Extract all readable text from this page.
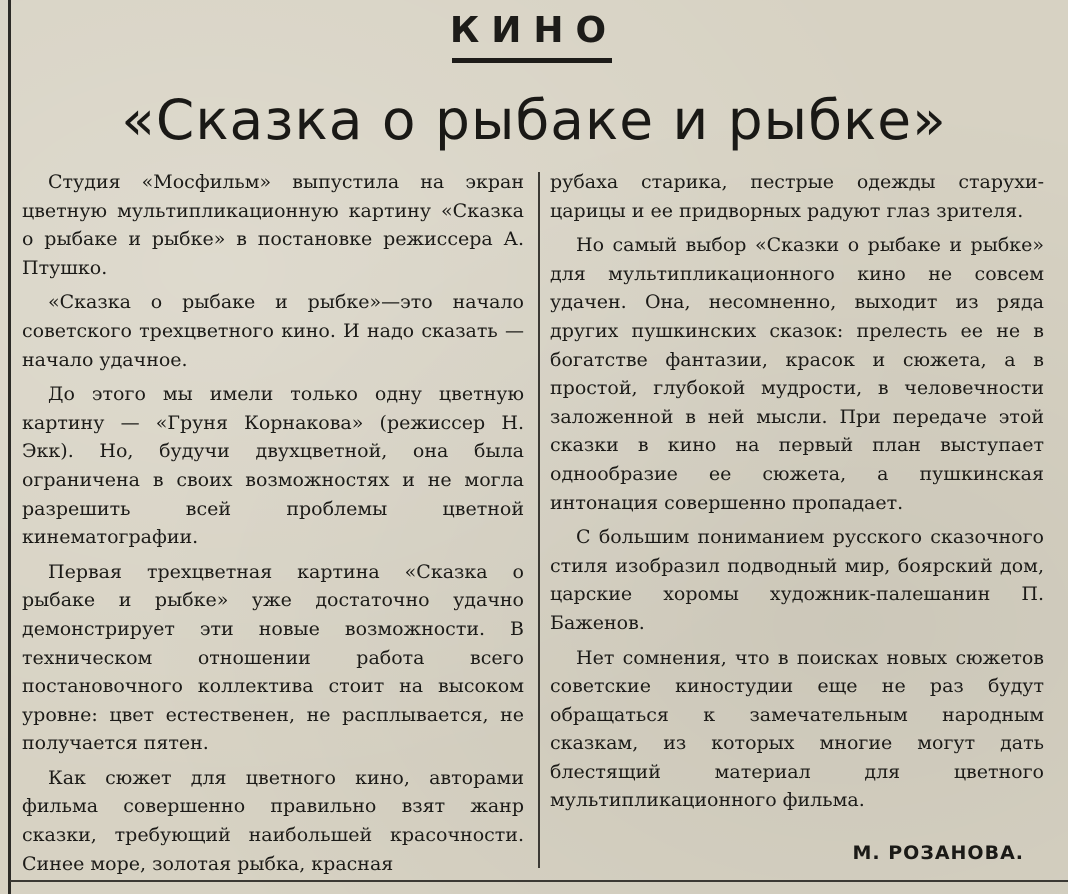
КИНО
«Сказка о рыбаке и рыбке»

Студия «Мосфильм» выпустила на экран цветную мультипликационную картину «Сказка о рыбаке и рыбке» в постановке режиссера А. Птушко.

«Сказка о рыбаке и рыбке»—это начало советского трехцветного кино. И надо сказать — начало удачное.

До этого мы имели только одну цветную картину — «Груня Корнакова» (режиссер Н. Экк). Но, будучи двухцветной, она была ограничена в своих возможностях и не могла разрешить всей проблемы цветной кинематографии.

Первая трехцветная картина «Сказка о рыбаке и рыбке» уже достаточно удачно демонстрирует эти новые возможности. В техническом отношении работа всего постановочного коллектива стоит на высоком уровне: цвет естественен, не расплывается, не получается пятен.

Как сюжет для цветного кино, авторами фильма совершенно правильно взят жанр сказки, требующий наибольшей красочности. Синее море, золотая рыбка, красная

рубаха старика, пестрые одежды старухи-царицы и ее придворных радуют глаз зрителя.

Но самый выбор «Сказки о рыбаке и рыбке» для мультипликационного кино не совсем удачен. Она, несомненно, выходит из ряда других пушкинских сказок: прелесть ее не в богатстве фантазии, красок и сюжета, а в простой, глубокой мудрости, в человечности заложенной в ней мысли. При передаче этой сказки в кино на первый план выступает однообразие ее сюжета, а пушкинская интонация совершенно пропадает.

С большим пониманием русского сказочного стиля изобразил подводный мир, боярский дом, царские хоромы художник-палешанин П. Баженов.

Нет сомнения, что в поисках новых сюжетов советские киностудии еще не раз будут обращаться к замечательным народным сказкам, из которых многие могут дать блестящий материал для цветного мультипликационного фильма.

М. РОЗАНОВА.
